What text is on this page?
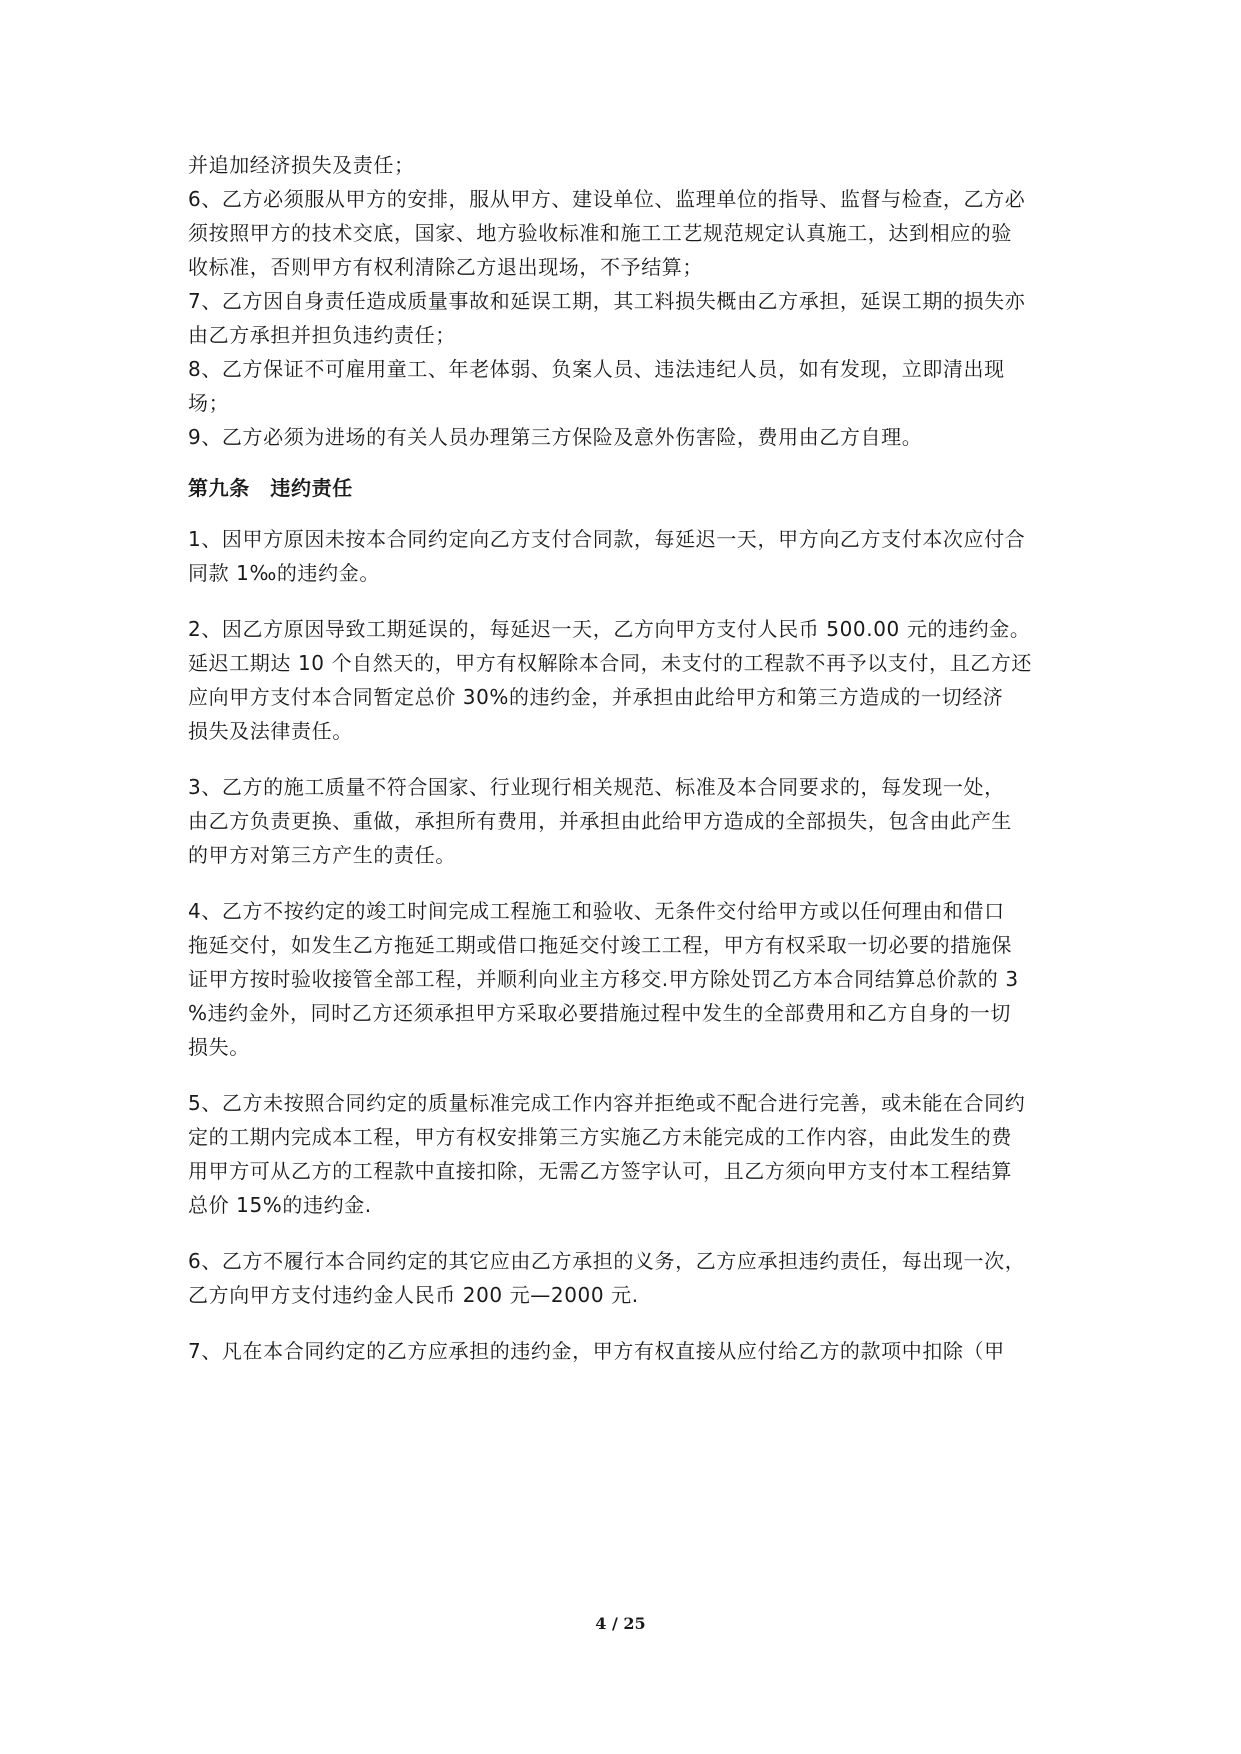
并追加经济损失及责任；
6、乙方必须服从甲方的安排，服从甲方、建设单位、监理单位的指导、监督与检查，乙方必
须按照甲方的技术交底，国家、地方验收标准和施工工艺规范规定认真施工，达到相应的验
收标准，否则甲方有权利清除乙方退出现场，不予结算；
7、乙方因自身责任造成质量事故和延误工期，其工料损失概由乙方承担，延误工期的损失亦
由乙方承担并担负违约责任；
8、乙方保证不可雇用童工、年老体弱、负案人员、违法违纪人员，如有发现，立即清出现
场；
9、乙方必须为进场的有关人员办理第三方保险及意外伤害险，费用由乙方自理。
第九条　违约责任
1、因甲方原因未按本合同约定向乙方支付合同款，每延迟一天，甲方向乙方支付本次应付合
同款 1‰的违约金。
2、因乙方原因导致工期延误的，每延迟一天，乙方向甲方支付人民币 500.00 元的违约金。
延迟工期达 10 个自然天的，甲方有权解除本合同，未支付的工程款不再予以支付，且乙方还
应向甲方支付本合同暂定总价 30%的违约金，并承担由此给甲方和第三方造成的一切经济
损失及法律责任。
3、乙方的施工质量不符合国家、行业现行相关规范、标准及本合同要求的，每发现一处，
由乙方负责更换、重做，承担所有费用，并承担由此给甲方造成的全部损失，包含由此产生
的甲方对第三方产生的责任。
4、乙方不按约定的竣工时间完成工程施工和验收、无条件交付给甲方或以任何理由和借口
拖延交付，如发生乙方拖延工期或借口拖延交付竣工工程，甲方有权采取一切必要的措施保
证甲方按时验收接管全部工程，并顺利向业主方移交.甲方除处罚乙方本合同结算总价款的 3
%违约金外，同时乙方还须承担甲方采取必要措施过程中发生的全部费用和乙方自身的一切
损失。
5、乙方未按照合同约定的质量标准完成工作内容并拒绝或不配合进行完善，或未能在合同约
定的工期内完成本工程，甲方有权安排第三方实施乙方未能完成的工作内容，由此发生的费
用甲方可从乙方的工程款中直接扣除，无需乙方签字认可，且乙方须向甲方支付本工程结算
总价 15%的违约金.
6、乙方不履行本合同约定的其它应由乙方承担的义务，乙方应承担违约责任，每出现一次，
乙方向甲方支付违约金人民币 200 元—2000 元.
7、凡在本合同约定的乙方应承担的违约金，甲方有权直接从应付给乙方的款项中扣除（甲
4 / 25
